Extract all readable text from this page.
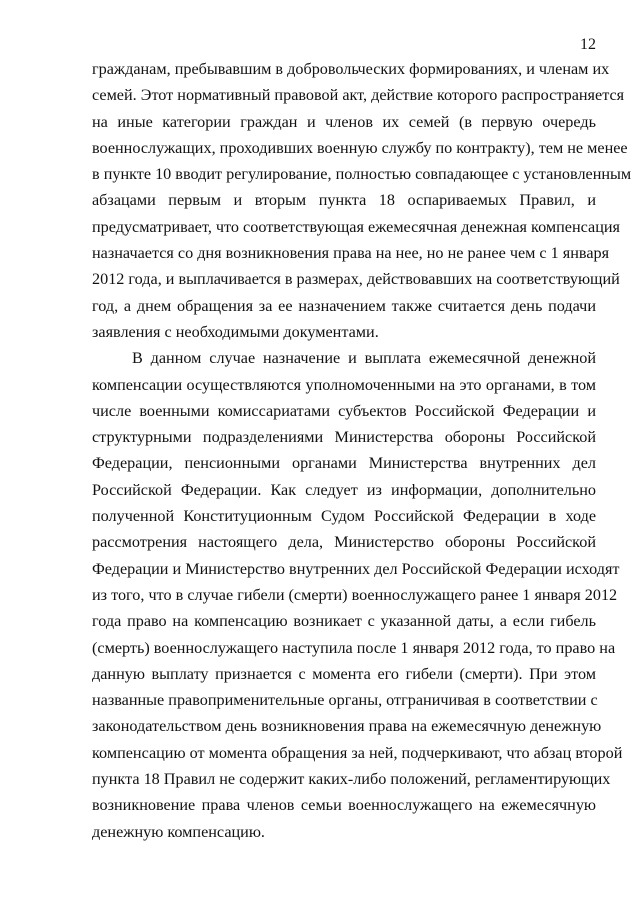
12

гражданам, пребывавшим в добровольческих формированиях, и членам их
семей. Этот нормативный правовой акт, действие которого распространяется
на иные категории граждан и членов их семей (в первую очередь
военнослужащих, проходивших военную службу по контракту), тем не менее
в пункте 10 вводит регулирование, полностью совпадающее с установленным
абзацами первым и вторым пункта 18 оспариваемых Правил, и
предусматривает, что соответствующая ежемесячная денежная компенсация
назначается со дня возникновения права на нее, но не ранее чем с 1 января
2012 года, и выплачивается в размерах, действовавших на соответствующий
год, а днем обращения за ее назначением также считается день подачи
заявления с необходимыми документами.

В данном случае назначение и выплата ежемесячной денежной
компенсации осуществляются уполномоченными на это органами, в том
числе военными комиссариатами субъектов Российской Федерации и
структурными подразделениями Министерства обороны Российской
Федерации, пенсионными органами Министерства внутренних дел
Российской Федерации. Как следует из информации, дополнительно
полученной Конституционным Судом Российской Федерации в ходе
рассмотрения настоящего дела, Министерство обороны Российской
Федерации и Министерство внутренних дел Российской Федерации исходят
из того, что в случае гибели (смерти) военнослужащего ранее 1 января 2012
года право на компенсацию возникает с указанной даты, а если гибель
(смерть) военнослужащего наступила после 1 января 2012 года, то право на
данную выплату признается с момента его гибели (смерти). При этом
названные правоприменительные органы, отграничивая в соответствии с
законодательством день возникновения права на ежемесячную денежную
компенсацию от момента обращения за ней, подчеркивают, что абзац второй
пункта 18 Правил не содержит каких-либо положений, регламентирующих
возникновение права членов семьи военнослужащего на ежемесячную
денежную компенсацию.
